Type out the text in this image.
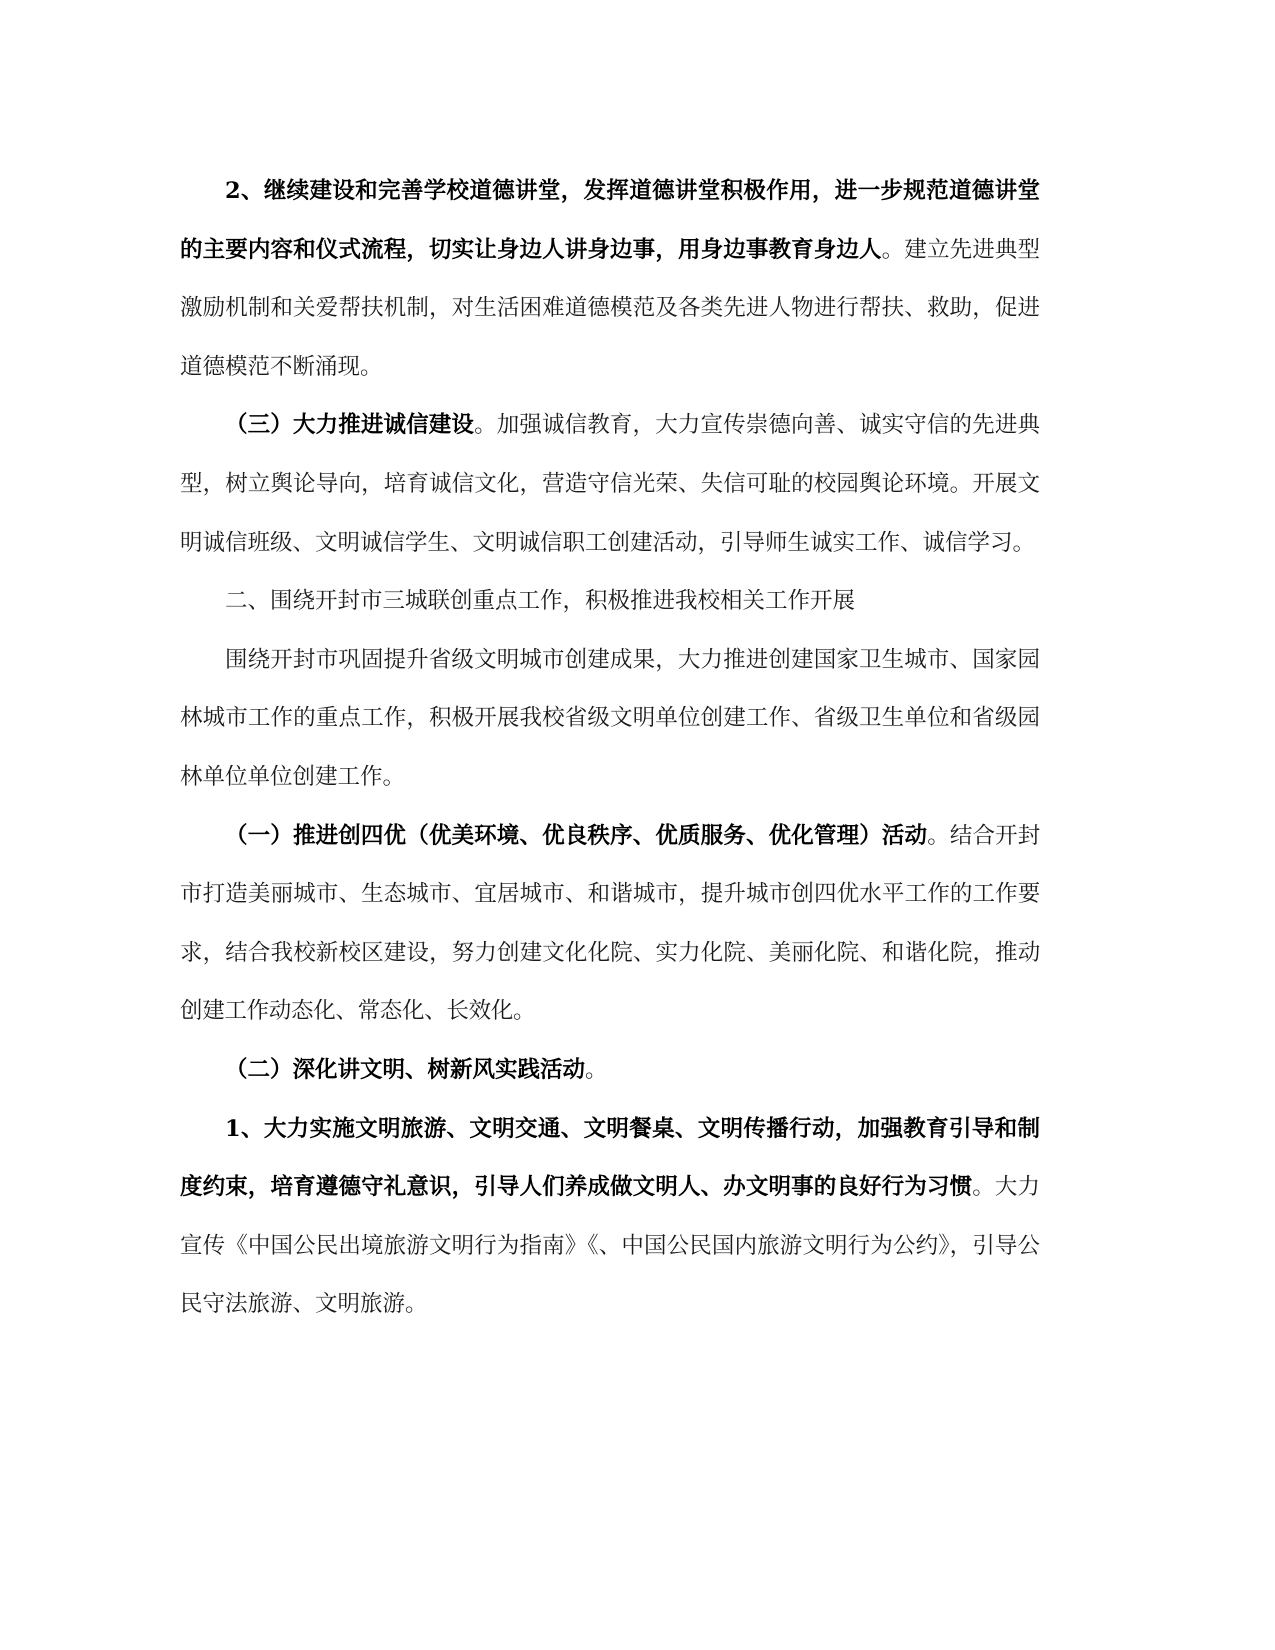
2、继续建设和完善学校道德讲堂，发挥道德讲堂积极作用，进一步规范道德讲堂的主要内容和仪式流程，切实让身边人讲身边事，用身边事教育身边人。建立先进典型激励机制和关爱帮扶机制，对生活困难道德模范及各类先进人物进行帮扶、救助，促进道德模范不断涌现。

（三）大力推进诚信建设。加强诚信教育，大力宣传崇德向善、诚实守信的先进典型，树立舆论导向，培育诚信文化，营造守信光荣、失信可耻的校园舆论环境。开展文明诚信班级、文明诚信学生、文明诚信职工创建活动，引导师生诚实工作、诚信学习。

二、围绕开封市三城联创重点工作，积极推进我校相关工作开展

围绕开封市巩固提升省级文明城市创建成果，大力推进创建国家卫生城市、国家园林城市工作的重点工作，积极开展我校省级文明单位创建工作、省级卫生单位和省级园林单位单位创建工作。

（一）推进创四优（优美环境、优良秩序、优质服务、优化管理）活动。结合开封市打造美丽城市、生态城市、宜居城市、和谐城市，提升城市创四优水平工作的工作要求，结合我校新校区建设，努力创建文化化院、实力化院、美丽化院、和谐化院，推动创建工作动态化、常态化、长效化。

（二）深化讲文明、树新风实践活动。

1、大力实施文明旅游、文明交通、文明餐桌、文明传播行动，加强教育引导和制度约束，培育遵德守礼意识，引导人们养成做文明人、办文明事的良好行为习惯。大力宣传《中国公民出境旅游文明行为指南》《、中国公民国内旅游文明行为公约》，引导公民守法旅游、文明旅游。
